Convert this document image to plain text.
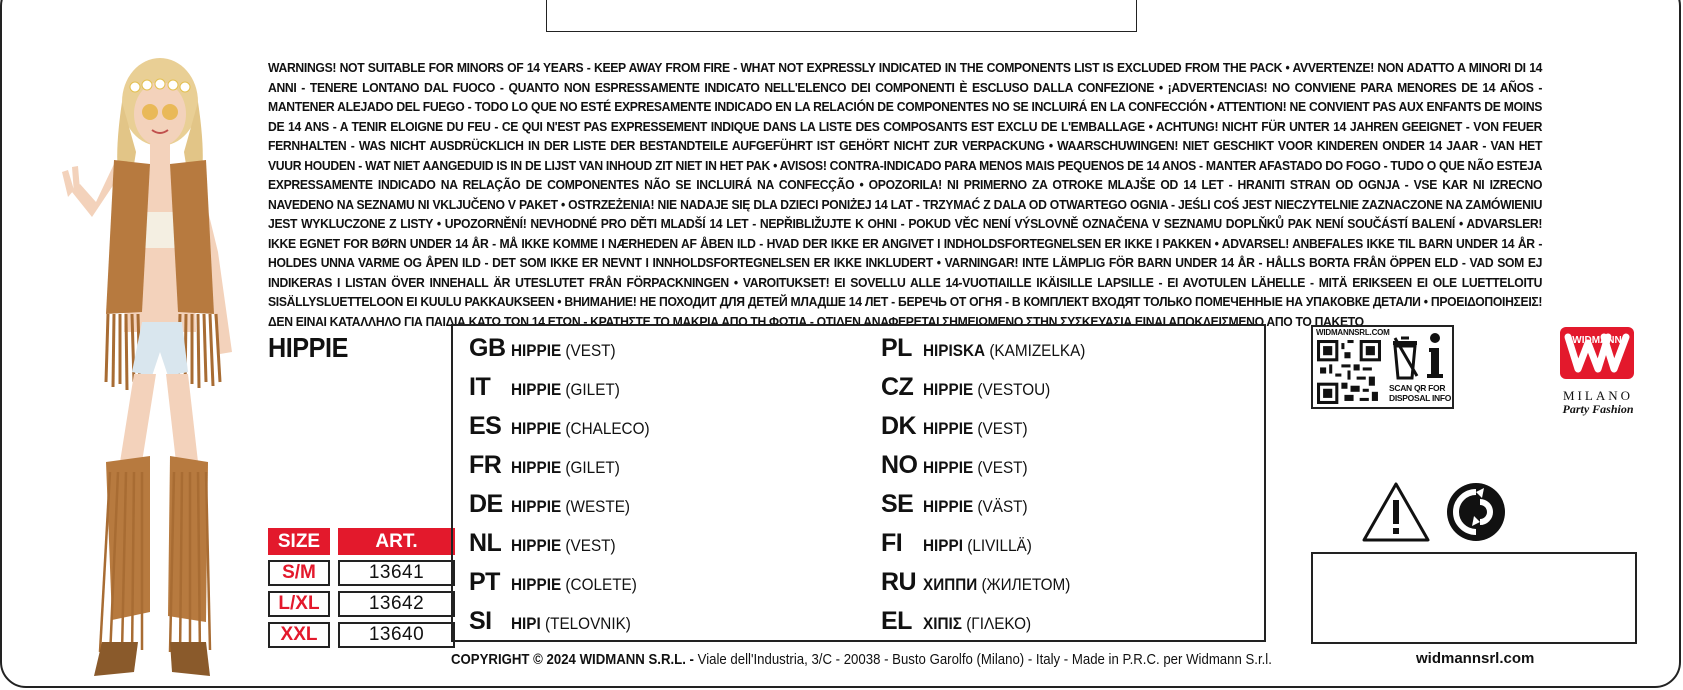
WARNINGS! NOT SUITABLE FOR MINORS OF 14 YEARS - KEEP AWAY FROM FIRE - WHAT NOT EXPRESSLY INDICATED IN THE COMPONENTS LIST IS EXCLUDED FROM THE PACK • AVVERTENZE! NON ADATTO A MINORI DI 14 ANNI - TENERE LONTANO DAL FUOCO - QUANTO NON ESPRESSAMENTE INDICATO NELL'ELENCO DEI COMPONENTI È ESCLUSO DALLA CONFEZIONE • ¡ADVERTENCIAS! NO CONVIENE PARA MENORES DE 14 AÑOS - MANTENER ALEJADO DEL FUEGO - TODO LO QUE NO ESTÉ EXPRESAMENTE INDICADO EN LA RELACIÓN DE COMPONENTES NO SE INCLUIRÁ EN LA CONFECCIÓN • ATTENTION! NE CONVIENT PAS AUX ENFANTS DE MOINS DE 14 ANS - A TENIR ELOIGNE DU FEU - CE QUI N'EST PAS EXPRESSEMENT INDIQUE DANS LA LISTE DES COMPOSANTS EST EXCLU DE L'EMBALLAGE • ACHTUNG! NICHT FÜR UNTER 14 JAHREN GEEIGNET - VON FEUER FERNHALTEN - WAS NICHT AUSDRÜCKLICH IN DER LISTE DER BESTANDTEILE AUFGEFÜHRT IST GEHÖRT NICHT ZUR VERPACKUNG • WAARSCHUWINGEN! NIET GESCHIKT VOOR KINDEREN ONDER 14 JAAR - VAN HET VUUR HOUDEN - WAT NIET AANGEDUID IS IN DE LIJST VAN INHOUD ZIT NIET IN HET PAK • AVISOS! CONTRA-INDICADO PARA MENOS MAIS PEQUENOS DE 14 ANOS - MANTER AFASTADO DO FOGO - TUDO O QUE NÃO ESTEJA EXPRESSAMENTE INDICADO NA RELAÇÃO DE COMPONENTES NÃO SE INCLUIRÁ NA CONFECÇÃO • OPOZORILA! NI PRIMERNO ZA OTROKE MLAJŠE OD 14 LET - HRANITI STRAN OD OGNJA - VSE KAR NI IZRECNO NAVEDENO NA SEZNAMU NI VKLJUČENO V PAKET • OSTRZEŻENIA! NIE NADAJE SIĘ DLA DZIECI PONIŻEJ 14 LAT - TRZYMAĆ Z DALA OD OTWARTEGO OGNIA - JEŚLI COŚ JEST NIECZYTELNIE ZAZNACZONE NA ZAMÓWIENIU JEST WYKLUCZONE Z LISTY • UPOZORNĚNÍ! NEVHODNÉ PRO DĚTI MLADŠÍ 14 LET - NEPŘIBLIŽUJTE K OHNI - POKUD VĚC NENÍ VÝSLOVNĚ OZNAČENA V SEZNAMU DOPLŇKŮ PAK NENÍ SOUČÁSTÍ BALENÍ • ADVARSLER! IKKE EGNET FOR BØRN UNDER 14 ÅR - MÅ IKKE KOMME I NÆRHEDEN AF ÅBEN ILD - HVAD DER IKKE ER ANGIVET I INDHOLDSFORTEGNELSEN ER IKKE I PAKKEN • ADVARSEL! ANBEFALES IKKE TIL BARN UNDER 14 ÅR - HOLDES UNNA VARME OG ÅPEN ILD - DET SOM IKKE ER NEVNT I INNHOLDSFORTEGNELSEN ER IKKE INKLUDERT • VARNINGAR! INTE LÄMPLIG FÖR BARN UNDER 14 ÅR - HÅLLS BORTA FRÅN ÖPPEN ELD - VAD SOM EJ INDIKERAS I LISTAN ÖVER INNEHALL ÄR UTESLUTET FRÅN FÖRPACKNINGEN • VAROITUKSET! EI SOVELLU ALLE 14-VUOTIAILLE IKÄISILLE LAPSILLE - EI AVOTULEN LÄHELLE - MITÄ ERIKSEEN EI OLE LUETTELOITU SISÄLLYSLUETTELOON EI KUULU PAKKAUKSEEN • ВНИМАНИЕ! НЕ ПОХОДИТ ДЛЯ ДЕТЕЙ МЛАДШЕ 14 ЛЕТ - БЕРЕЧЬ ОТ ОГНЯ - В КОМПЛЕКТ ВХОДЯТ ТОЛЬКО ПОМЕЧЕННЫЕ НА УПАКОВКЕ ДЕТАЛИ • ΠΡΟΕΙΔΟΠΟΙΗΣΕΙΣ! ΔΕΝ ΕΙΝΑΙ ΚΑΤΑΛΛΗΛΟ ΓΙΑ ΠΑΙΔΙΑ ΚΑΤΩ ΤΩΝ 14 ΕΤΩΝ - ΚΡΑΤΗΣΤΕ ΤΟ ΜΑΚΡΙΑ ΑΠΟ ΤΗ ΦΩΤΙΑ - ΟΤΙΔΕΝ ΑΝΑΦΕΡΕΤΑΙ ΣΗΜΕΙΩΜΕΝΟ ΣΤΗΝ ΣΥΣΚΕΥΑΣΙΑ ΕΙΝΑΙ ΑΠΟΚΛΕΙΣΜΕΝΟ ΑΠΟ ΤΟ ΠΑΚΕΤΟ
HIPPIE
SIZE	ART.
S/M	13641
L/XL	13642
XXL	13640
GB HIPPIE (VEST)
IT	HIPPIE (GILET)
ES HIPPIE (CHALECO)
FR HIPPIE (GILET)
DE HIPPIE (WESTE)
NL HIPPIE (VEST)
PT HIPPIE (COLETE)
SI	HIPI (TELOVNIK)
PL HIPISKA (KAMIZELKA)
CZ HIPPIE (VESTOU)
DK HIPPIE (VEST)
NO HIPPIE (VEST)
SE HIPPIE (VÄST)
FI	HIPPI (LIVILLÄ)
RU ХИППИ (ЖИЛЕТОМ)
EL ΧΙΠΙΣ (ΓΙΛΕΚΟ)
WIDMANNSRL.COM
SCAN QR FOR DISPOSAL INFO
WIDMANN
MILANO
Party Fashion
COPYRIGHT © 2024 WIDMANN S.R.L. - Viale dell'Industria, 3/C - 20038 - Busto Garolfo (Milano) - Italy - Made in P.R.C. per Widmann S.r.l.	widmannsrl.com
